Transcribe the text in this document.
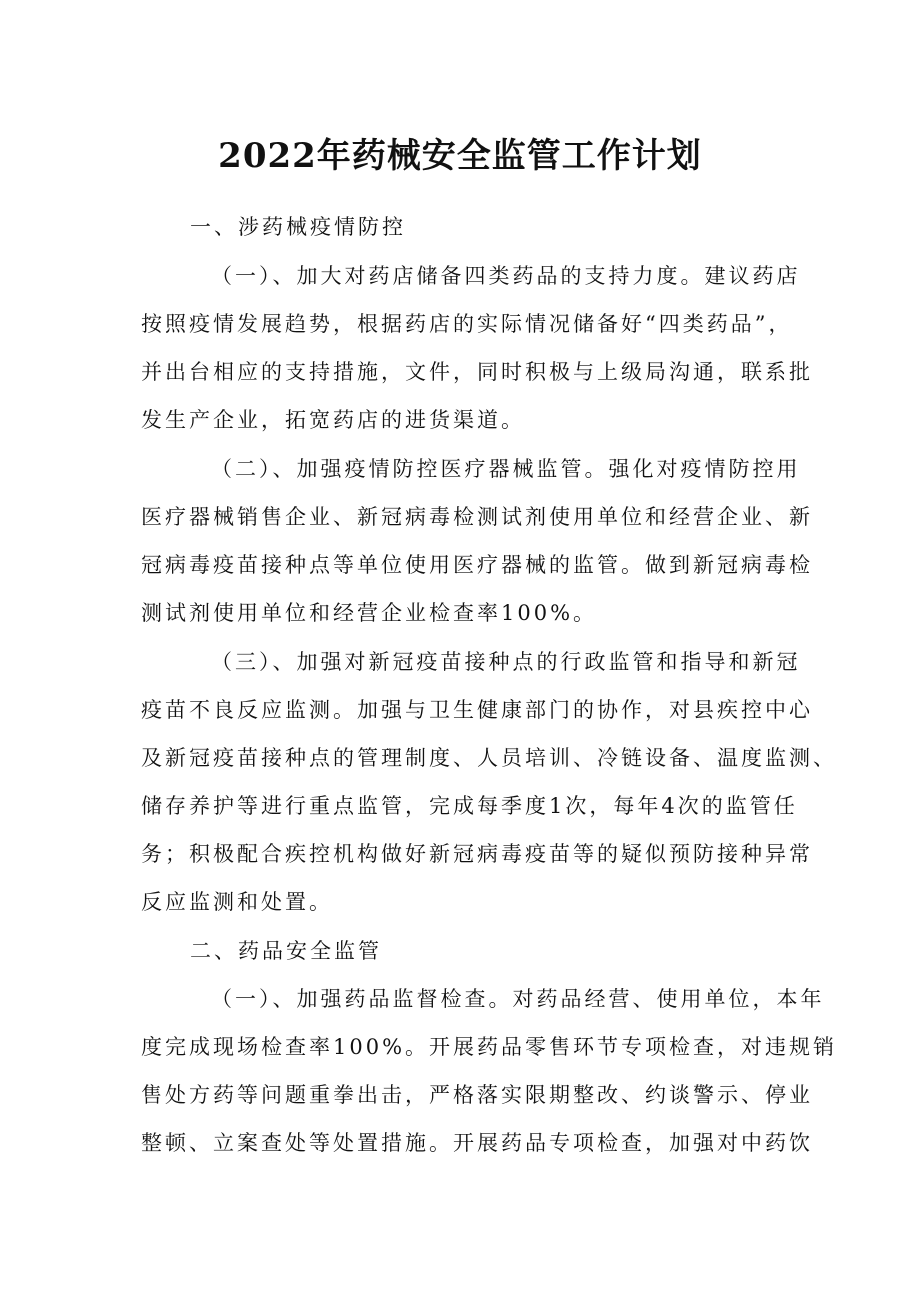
2022年药械安全监管工作计划
一、涉药械疫情防控
（一）、加大对药店储备四类药品的支持力度。建议药店
按照疫情发展趋势，根据药店的实际情况储备好“四类药品”，
并出台相应的支持措施，文件，同时积极与上级局沟通，联系批
发生产企业，拓宽药店的进货渠道。
（二）、加强疫情防控医疗器械监管。强化对疫情防控用
医疗器械销售企业、新冠病毒检测试剂使用单位和经营企业、新
冠病毒疫苗接种点等单位使用医疗器械的监管。做到新冠病毒检
测试剂使用单位和经营企业检查率100%。
（三）、加强对新冠疫苗接种点的行政监管和指导和新冠
疫苗不良反应监测。加强与卫生健康部门的协作，对县疾控中心
及新冠疫苗接种点的管理制度、人员培训、冷链设备、温度监测、
储存养护等进行重点监管，完成每季度1次，每年4次的监管任
务；积极配合疾控机构做好新冠病毒疫苗等的疑似预防接种异常
反应监测和处置。
二、药品安全监管
（一）、加强药品监督检查。对药品经营、使用单位，本年
度完成现场检查率100%。开展药品零售环节专项检查，对违规销
售处方药等问题重拳出击，严格落实限期整改、约谈警示、停业
整顿、立案查处等处置措施。开展药品专项检查，加强对中药饮
